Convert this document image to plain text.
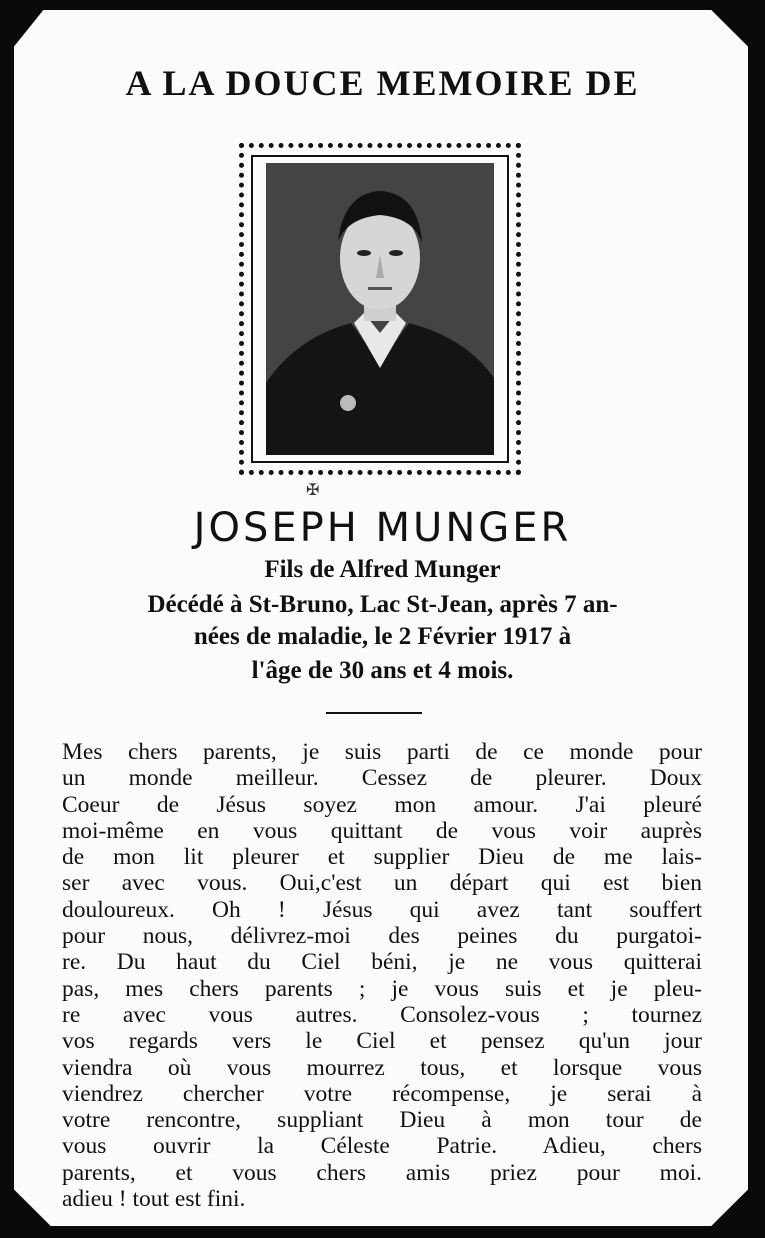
A LA DOUCE MEMOIRE DE
✠
JOSEPH MUNGER
Fils de Alfred Munger
Décédé à St-Bruno, Lac St-Jean, après 7 an-
nées de maladie, le 2 Février 1917 à
l'âge de 30 ans et 4 mois.
Mes chers parents, je suis parti de ce monde pour
un monde meilleur. Cessez de pleurer. Doux
Coeur de Jésus soyez mon amour. J'ai pleuré
moi-même en vous quittant de vous voir auprès
de mon lit pleurer et supplier Dieu de me lais-
ser avec vous. Oui,c'est un départ qui est bien
douloureux. Oh ! Jésus qui avez tant souffert
pour nous, délivrez-moi des peines du purgatoi-
re. Du haut du Ciel béni, je ne vous quitterai
pas, mes chers parents ; je vous suis et je pleu-
re avec vous autres. Consolez-vous ; tournez
vos regards vers le Ciel et pensez qu'un jour
viendra où vous mourrez tous, et lorsque vous
viendrez chercher votre récompense, je serai à
votre rencontre, suppliant Dieu à mon tour de
vous ouvrir la Céleste Patrie. Adieu, chers
parents, et vous chers amis priez pour moi.
adieu ! tout est fini.
